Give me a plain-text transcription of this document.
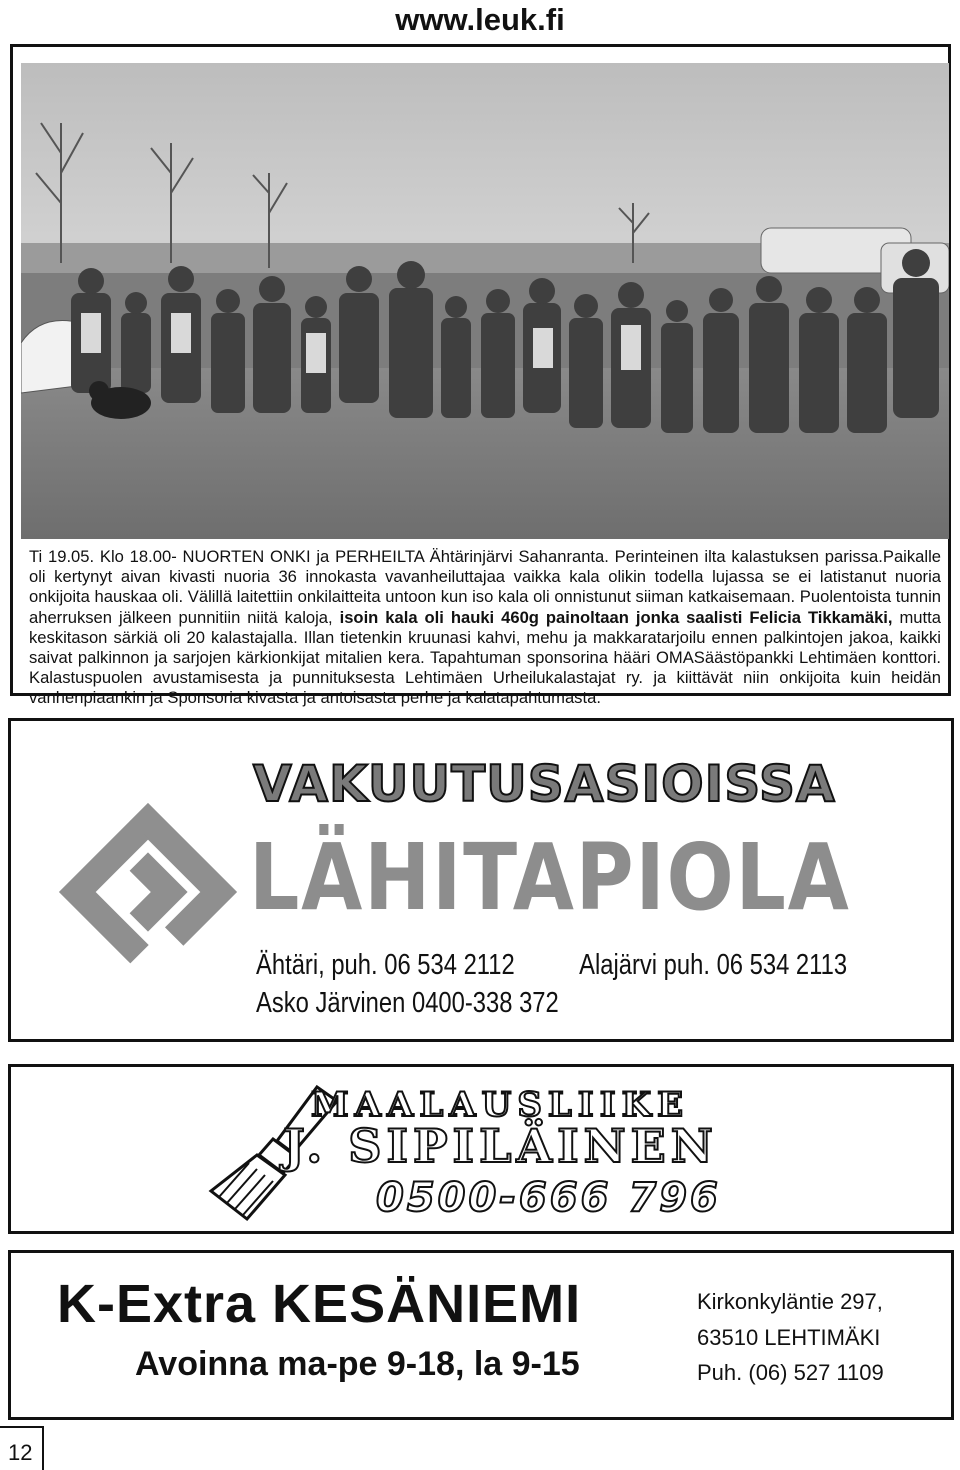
www.leuk.fi

Ti 19.05. Klo 18.00- NUORTEN ONKI ja PERHEILTA Ähtärinjärvi Sahanranta. Perinteinen ilta kalastuksen parissa.Paikalle oli kertynyt aivan kivasti nuoria 36 innokasta vavanheiluttajaa vaikka kala olikin todella lujassa se ei latistanut nuoria onkijoita hauskaa oli. Välillä laitettiin onkilaitteita untoon kun iso kala oli onnistunut siiman katkaisemaan. Puolentoista tunnin aherruksen jälkeen punnitiin niitä kaloja, isoin kala oli hauki 460g painoltaan jonka saalisti Felicia Tikkamäki, mutta keskitason särkiä oli 20 kalastajalla. Illan tietenkin kruunasi kahvi, mehu ja makkaratarjoilu ennen palkintojen jakoa, kaikki saivat palkinnon ja sarjojen kärkionkijat mitalien kera. Tapahtuman sponsorina hääri OMASäästöpankki Lehtimäen konttori. Kalastuspuolen avustamisesta ja punnituksesta Lehtimäen Urheilukalastajat ry. ja kiittävät niin onkijoita kuin heidän vanhenpiaankin ja Sponsoria kivasta ja antoisasta perhe ja kalatapahtumasta.

VAKUUTUSASIOISSA
LÄHITAPIOLA
Ähtäri, puh. 06 534 2112 Alajärvi puh. 06 534 2113
Asko Järvinen 0400-338 372
MAALAUSLIIKE
J. SIPILÄINEN
0500-666 796
K-Extra KESÄNIEMI
Avoinna ma-pe 9-18, la 9-15
Kirkonkyläntie 297,
63510 LEHTIMÄKI
Puh. (06) 527 1109
12
